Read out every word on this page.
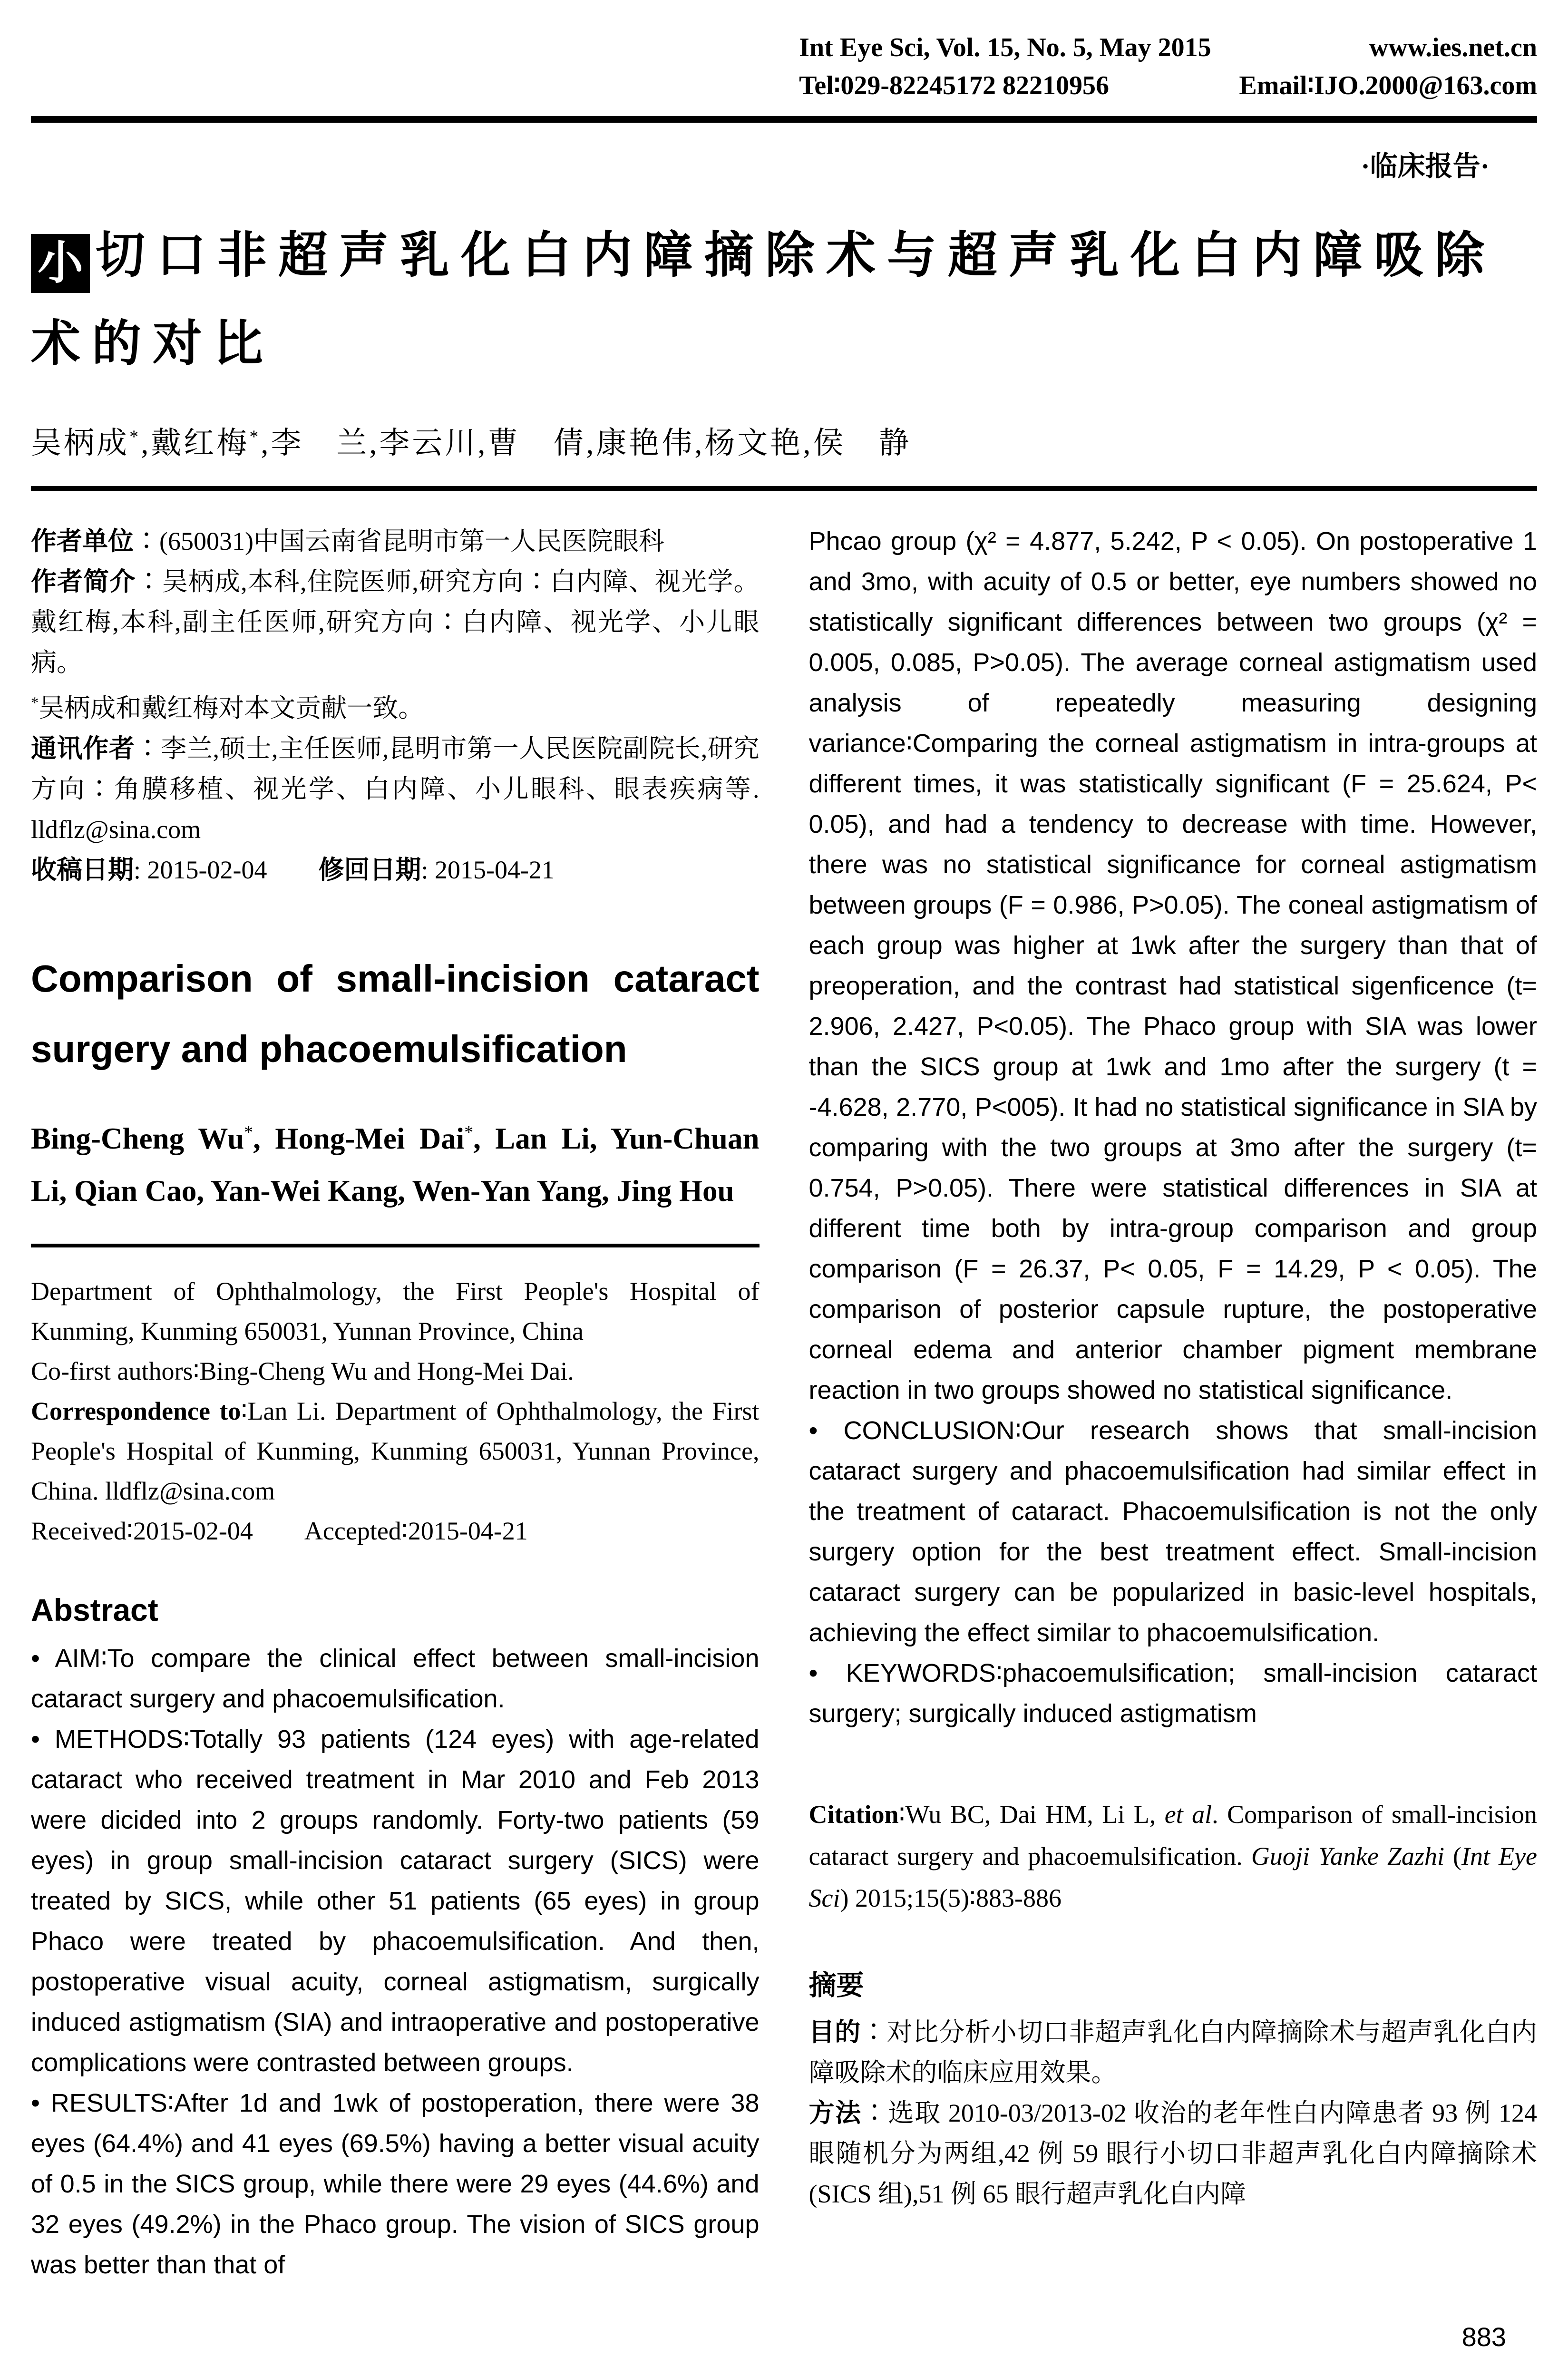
Int Eye Sci, Vol. 15, No. 5, May 2015	www.ies.net.cn
Tel∶029-82245172 82210956	Email∶IJO.2000@163.com
·临床报告·
小 切口非超声乳化白内障摘除术与超声乳化白内障吸除
术的对比
吴柄成*,戴红梅*,李　兰,李云川,曹　倩,康艳伟,杨文艳,侯　静

作者单位∶(650031)中国云南省昆明市第一人民医院眼科

作者简介∶吴柄成,本科,住院医师,研究方向∶白内障、视光学。戴红梅,本科,副主任医师,研究方向∶白内障、视光学、小儿眼病。

*吴柄成和戴红梅对本文贡献一致。

通讯作者∶李兰,硕士,主任医师,昆明市第一人民医院副院长,研究方向∶角膜移植、视光学、白内障、小儿眼科、眼表疾病等. lldflz@sina.com

收稿日期: 2015-02-04　　修回日期: 2015-04-21

Comparison of small-incision cataract surgery and phacoemulsification
Bing-Cheng Wu*, Hong-Mei Dai*, Lan Li, Yun-Chuan Li, Qian Cao, Yan-Wei Kang, Wen-Yan Yang, Jing Hou

Department of Ophthalmology, the First People's Hospital of Kunming, Kunming 650031, Yunnan Province, China

Co-first authors∶Bing-Cheng Wu and Hong-Mei Dai.

Correspondence to∶Lan Li. Department of Ophthalmology, the First People's Hospital of Kunming, Kunming 650031, Yunnan Province, China. lldflz@sina.com

Received∶2015-02-04　　Accepted∶2015-04-21

Abstract

• AIM∶To compare the clinical effect between small-incision cataract surgery and phacoemulsification.

• METHODS∶Totally 93 patients (124 eyes) with age-related cataract who received treatment in Mar 2010 and Feb 2013 were dicided into 2 groups randomly. Forty-two patients (59 eyes) in group small-incision cataract surgery (SICS) were treated by SICS, while other 51 patients (65 eyes) in group Phaco were treated by phacoemulsification. And then, postoperative visual acuity, corneal astigmatism, surgically induced astigmatism (SIA) and intraoperative and postoperative complications were contrasted between groups.

• RESULTS∶After 1d and 1wk of postoperation, there were 38 eyes (64.4%) and 41 eyes (69.5%) having a better visual acuity of 0.5 in the SICS group, while there were 29 eyes (44.6%) and 32 eyes (49.2%) in the Phaco group. The vision of SICS group was better than that of

Phcao group (χ² = 4.877, 5.242, P < 0.05). On postoperative 1 and 3mo, with acuity of 0.5 or better, eye numbers showed no statistically significant differences between two groups (χ² = 0.005, 0.085, P>0.05). The average corneal astigmatism used analysis of repeatedly measuring designing variance∶Comparing the corneal astigmatism in intra-groups at different times, it was statistically significant (F = 25.624, P< 0.05), and had a tendency to decrease with time. However, there was no statistical significance for corneal astigmatism between groups (F = 0.986, P>0.05). The coneal astigmatism of each group was higher at 1wk after the surgery than that of preoperation, and the contrast had statistical sigenficence (t= 2.906, 2.427, P<0.05). The Phaco group with SIA was lower than the SICS group at 1wk and 1mo after the surgery (t = -4.628, 2.770, P<005). It had no statistical significance in SIA by comparing with the two groups at 3mo after the surgery (t= 0.754, P>0.05). There were statistical differences in SIA at different time both by intra-group comparison and group comparison (F = 26.37, P< 0.05, F = 14.29, P < 0.05). The comparison of posterior capsule rupture, the postoperative corneal edema and anterior chamber pigment membrane reaction in two groups showed no statistical significance.

• CONCLUSION∶Our research shows that small-incision cataract surgery and phacoemulsification had similar effect in the treatment of cataract. Phacoemulsification is not the only surgery option for the best treatment effect. Small-incision cataract surgery can be popularized in basic-level hospitals, achieving the effect similar to phacoemulsification.

• KEYWORDS∶phacoemulsification; small-incision cataract surgery; surgically induced astigmatism

Citation∶Wu BC, Dai HM, Li L, et al. Comparison of small-incision cataract surgery and phacoemulsification. Guoji Yanke Zazhi (Int Eye Sci) 2015;15(5)∶883-886

摘要

目的∶对比分析小切口非超声乳化白内障摘除术与超声乳化白内障吸除术的临床应用效果。

方法∶选取 2010-03/2013-02 收治的老年性白内障患者 93 例 124 眼随机分为两组,42 例 59 眼行小切口非超声乳化白内障摘除术(SICS 组),51 例 65 眼行超声乳化白内障

883
